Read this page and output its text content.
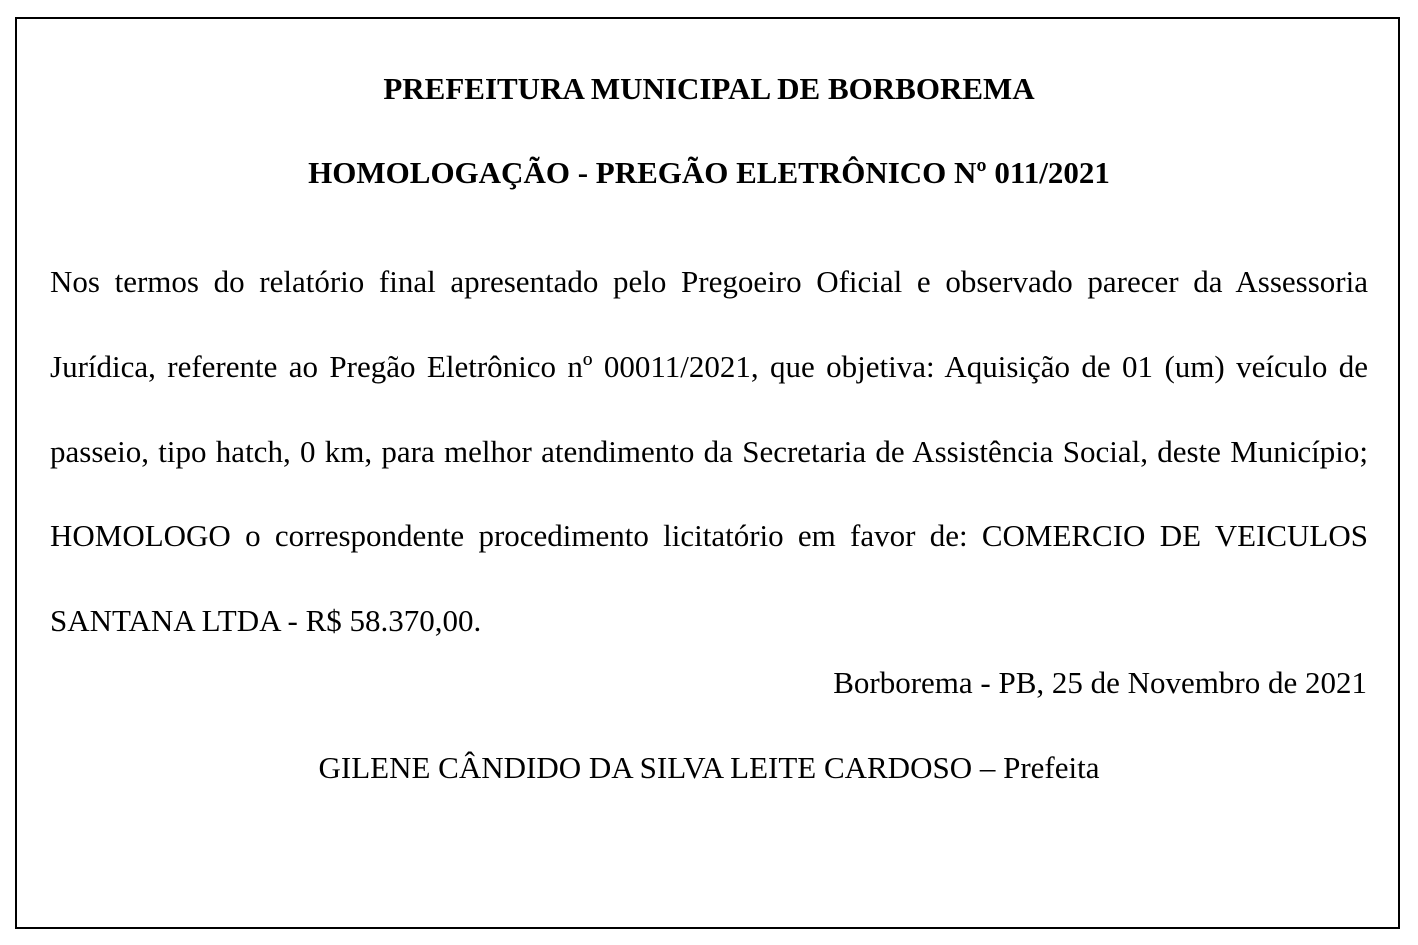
PREFEITURA MUNICIPAL DE BORBOREMA
HOMOLOGAÇÃO - PREGÃO ELETRÔNICO Nº 011/2021

Nos termos do relatório final apresentado pelo Pregoeiro Oficial e observado parecer da Assessoria Jurídica, referente ao Pregão Eletrônico nº 00011/2021, que objetiva: Aquisição de 01 (um) veículo de passeio, tipo hatch, 0 km, para melhor atendimento da Secretaria de Assistência Social, deste Município; HOMOLOGO o correspondente procedimento licitatório em favor de: COMERCIO DE VEICULOS SANTANA LTDA - R$ 58.370,00.

Borborema - PB, 25 de Novembro de 2021

GILENE CÂNDIDO DA SILVA LEITE CARDOSO – Prefeita
